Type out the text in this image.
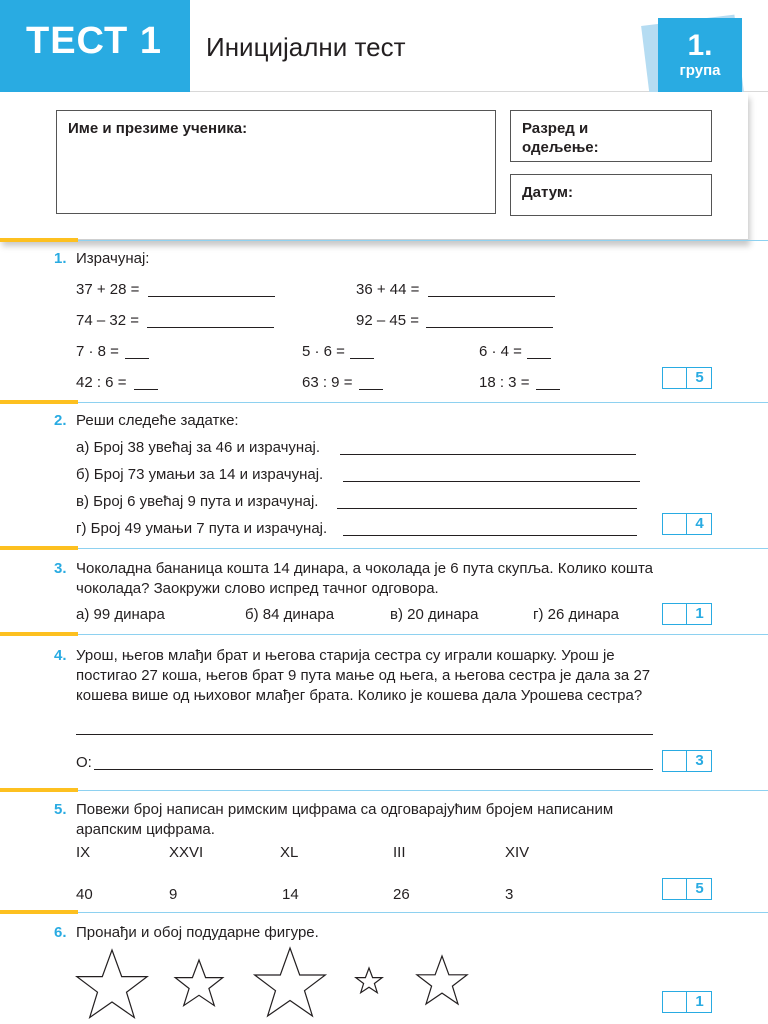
ТЕСТ 1 Иницијални тест	1.
група
Име и презиме ученика:	Разред и
одељење:
Датум:
1. Израчунај:
37 + 28 =	36 + 44 =
74 – 32 =	92 – 45 =
7 · 8 =	5 · 6 =	6 · 4 =
42 : 6 =	63 : 9 =	18 : 3 =	5
2. Реши следеће задатке:
а) Број 38 увећај за 46 и израчунај.
б) Број 73 умањи за 14 и израчунај.
в) Број 6 увећај 9 пута и израчунај.
г) Број 49 умањи 7 пута и израчунај.	4
3. Чоколадна бананица кошта 14 динара, а чоколада је 6 пута скупља. Колико кошта
чоколада? Заокружи слово испред тачног одговора.
а) 99 динара	б) 84 динара	в) 20 динара	г) 26 динара	1
4. Урош, његов млађи брат и његова старија сестра су играли кошарку. Урош је
постигао 27 коша, његов брат 9 пута мање од њега, а његова сестра је дала за 27
кошева више од њиховог млађег брата. Колико је кошева дала Урошева сестра?
О:	3
5. Повежи број написан римским цифрама са одговарајућим бројем написаним
арапским цифрама.
IX	XXVI	XL	III	XIV
40	9	14	26	3	5
6. Пронађи и обој подударне фигуре.
1
